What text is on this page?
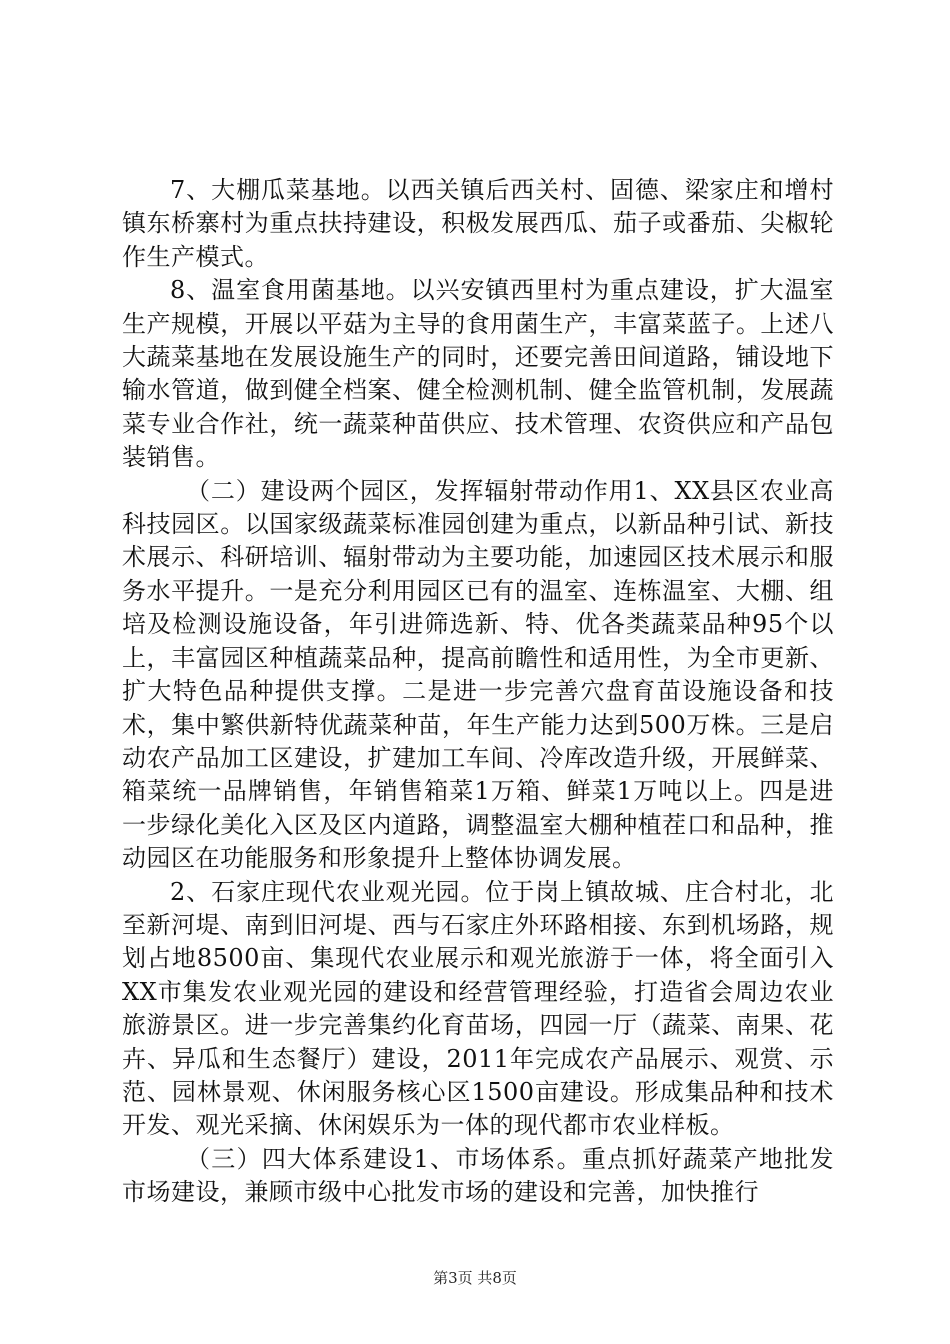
7、大棚瓜菜基地。以西关镇后西关村、固德、梁家庄和增村镇东桥寨村为重点扶持建设，积极发展西瓜、茄子或番茄、尖椒轮作生产模式。

8、温室食用菌基地。以兴安镇西里村为重点建设，扩大温室生产规模，开展以平菇为主导的食用菌生产，丰富菜蓝子。上述八大蔬菜基地在发展设施生产的同时，还要完善田间道路，铺设地下输水管道，做到健全档案、健全检测机制、健全监管机制，发展蔬菜专业合作社，统一蔬菜种苗供应、技术管理、农资供应和产品包装销售。

（二）建设两个园区，发挥辐射带动作用1、XX县区农业高科技园区。以国家级蔬菜标准园创建为重点，以新品种引试、新技术展示、科研培训、辐射带动为主要功能，加速园区技术展示和服务水平提升。一是充分利用园区已有的温室、连栋温室、大棚、组培及检测设施设备，年引进筛选新、特、优各类蔬菜品种95个以上，丰富园区种植蔬菜品种，提高前瞻性和适用性，为全市更新、扩大特色品种提供支撑。二是进一步完善穴盘育苗设施设备和技术，集中繁供新特优蔬菜种苗，年生产能力达到500万株。三是启动农产品加工区建设，扩建加工车间、冷库改造升级，开展鲜菜、箱菜统一品牌销售，年销售箱菜1万箱、鲜菜1万吨以上。四是进一步绿化美化入区及区内道路，调整温室大棚种植茬口和品种，推动园区在功能服务和形象提升上整体协调发展。

2、石家庄现代农业观光园。位于岗上镇故城、庄合村北，北至新河堤、南到旧河堤、西与石家庄外环路相接、东到机场路，规划占地8500亩、集现代农业展示和观光旅游于一体，将全面引入XX市集发农业观光园的建设和经营管理经验，打造省会周边农业旅游景区。进一步完善集约化育苗场，四园一厅（蔬菜、南果、花卉、异瓜和生态餐厅）建设，2011年完成农产品展示、观赏、示范、园林景观、休闲服务核心区1500亩建设。形成集品种和技术开发、观光采摘、休闲娱乐为一体的现代都市农业样板。

（三）四大体系建设1、市场体系。重点抓好蔬菜产地批发市场建设，兼顾市级中心批发市场的建设和完善，加快推行

第3页 共8页
